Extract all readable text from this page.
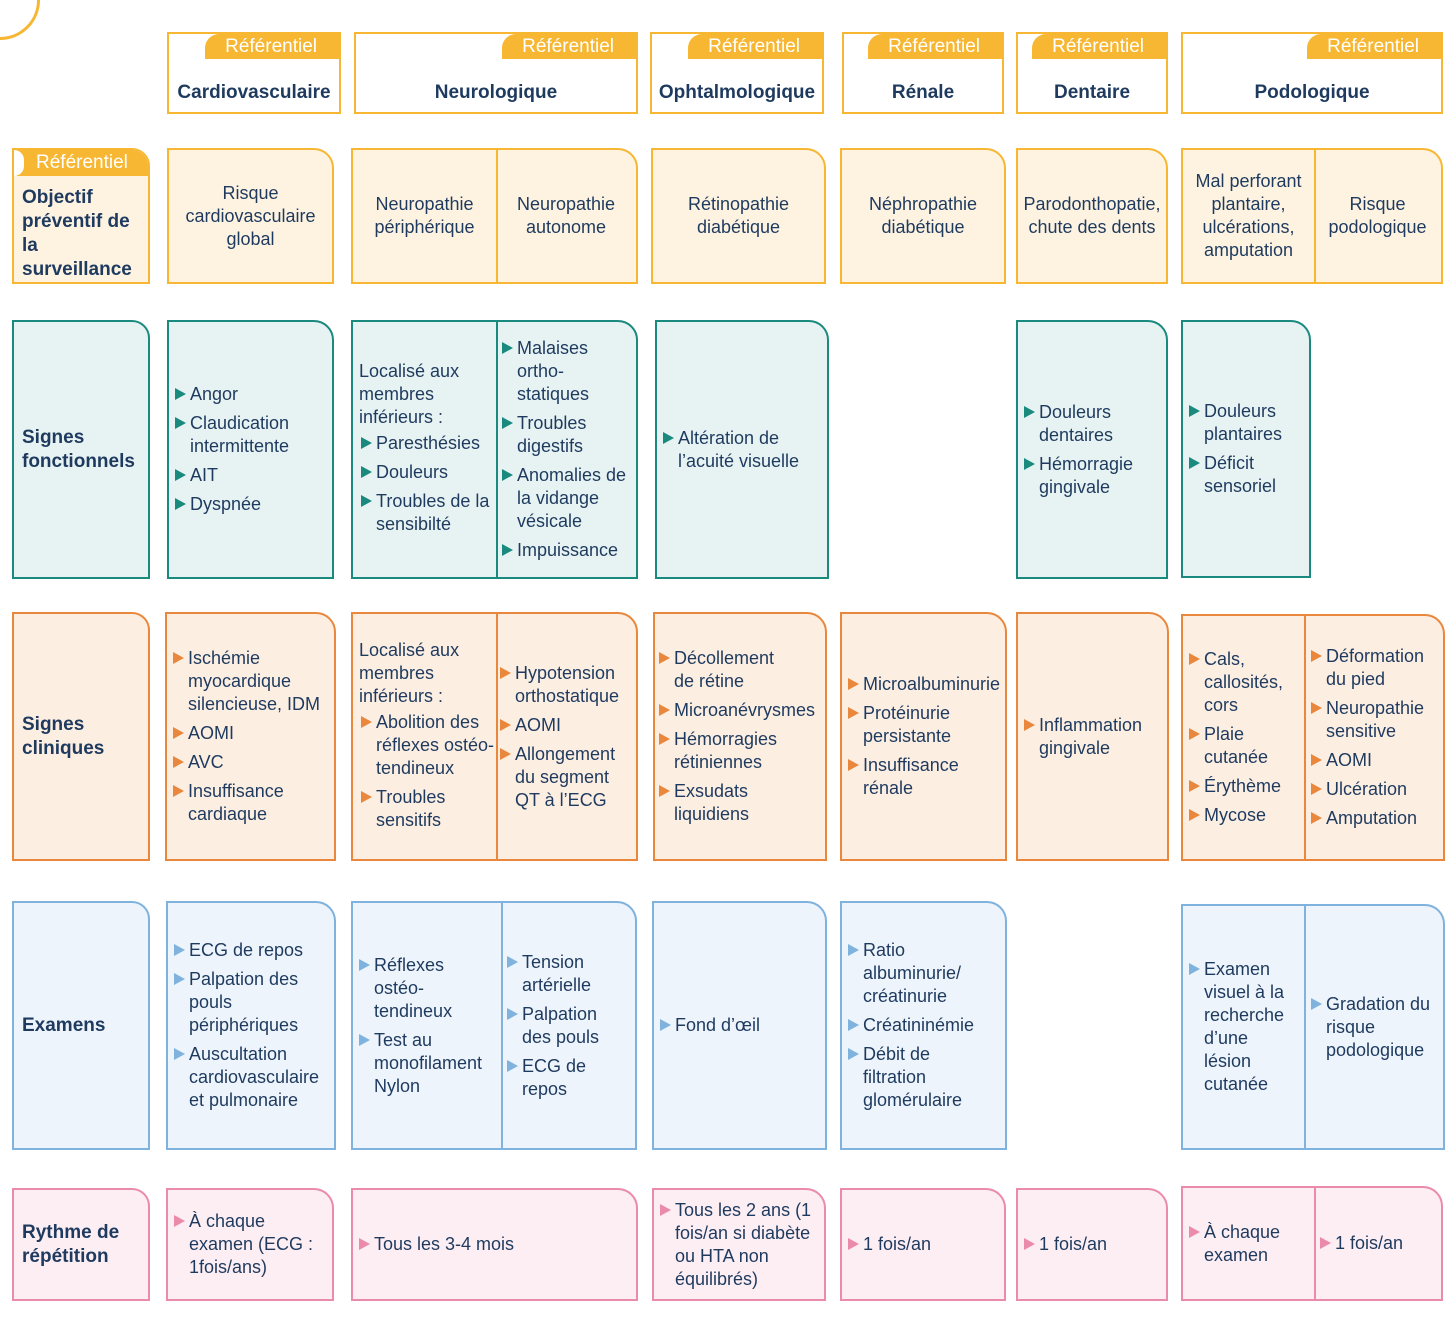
Référentiel
Cardiovasculaire
Référentiel
Neurologique
Référentiel
Ophtalmologique
Référentiel
Rénale
Référentiel
Dentaire
Référentiel
Podologique
Référentiel
Objectif préventif de la surveillance
Signes fonctionnels
Signes cliniques
Examens
Rythme de répétition
Risque cardiovasculaire global
Neuropathie périphérique
Neuropathie autonome
Rétinopathie diabétique
Néphropathie diabétique
Parodonthopatie, chute des dents
Mal perforant plantaire, ulcérations, amputation
Risque podologique
Angor
Claudication intermittente
AIT
Dyspnée
Localisé aux membres inférieurs :
Paresthésies
Douleurs
Troubles de la sensibilté
Malaises ortho-statiques
Troubles digestifs
Anomalies de la vidange vésicale
Impuissance
Altération de l’acuité visuelle
Douleurs dentaires
Hémorragie gingivale
Douleurs plantaires
Déficit sensoriel
Ischémie myocardique silencieuse, IDM
AOMI
AVC
Insuffisance cardiaque
Localisé aux membres inférieurs :
Abolition des réflexes ostéo-tendineux
Troubles sensitifs
Hypotension orthostatique
AOMI
Allongement du segment QT à l’ECG
Décollement de rétine
Microanévrysmes
Hémorragies rétiniennes
Exsudats liquidiens
Microalbuminurie
Protéinurie persistante
Insuffisance rénale
Inflammation gingivale
Cals, callosités, cors
Plaie cutanée
Érythème
Mycose
Déformation du pied
Neuropathie sensitive
AOMI
Ulcération
Amputation
ECG de repos
Palpation des pouls périphériques
Auscultation cardiovasculaire et pulmonaire
Réflexes ostéo-tendineux
Test au monofilament Nylon
Tension artérielle
Palpation des pouls
ECG de repos
Fond d’œil
Ratio albuminurie/ créatinurie
Créatininémie
Débit de filtration glomérulaire
Examen visuel à la recherche d’une lésion cutanée
Gradation du risque podologique
À chaque examen (ECG : 1fois/ans)
Tous les 3-4 mois
Tous les 2 ans (1 fois/an si diabète ou HTA non équilibrés)
1 fois/an	1 fois/an
À chaque examen
1 fois/an
